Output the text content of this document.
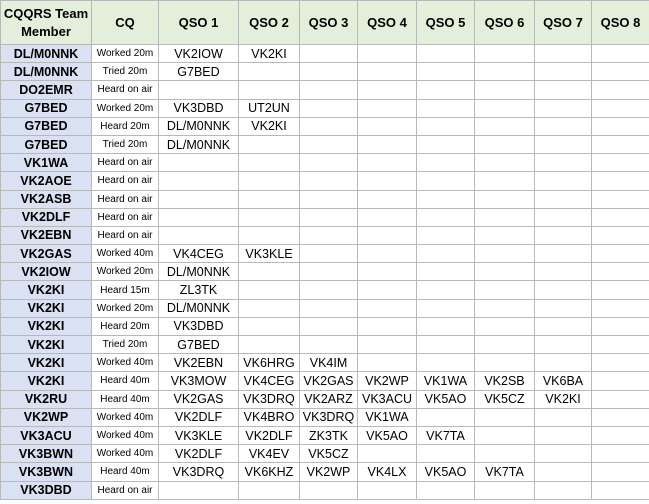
CQQRS Team Member	CQ	QSO 1	QSO 2	QSO 3	QSO 4	QSO 5	QSO 6	QSO 7	QSO 8

DL/M0NNK	Worked 20m	VK2IOW	VK2KI						
DL/M0NNK	Tried 20m	G7BED							
DO2EMR	Heard on air								
G7BED	Worked 20m	VK3DBD	UT2UN						
G7BED	Heard 20m	DL/M0NNK	VK2KI						
G7BED	Tried 20m	DL/M0NNK							
VK1WA	Heard on air								
VK2AOE	Heard on air								
VK2ASB	Heard on air								
VK2DLF	Heard on air								
VK2EBN	Heard on air								
VK2GAS	Worked 40m	VK4CEG	VK3KLE						
VK2IOW	Worked 20m	DL/M0NNK							
VK2KI	Heard 15m	ZL3TK							
VK2KI	Worked 20m	DL/M0NNK							
VK2KI	Heard 20m	VK3DBD							
VK2KI	Tried 20m	G7BED							
VK2KI	Worked 40m	VK2EBN	VK6HRG	VK4IM					
VK2KI	Heard 40m	VK3MOW	VK4CEG	VK2GAS	VK2WP	VK1WA	VK2SB	VK6BA	
VK2RU	Heard 40m	VK2GAS	VK3DRQ	VK2ARZ	VK3ACU	VK5AO	VK5CZ	VK2KI	
VK2WP	Worked 40m	VK2DLF	VK4BRO	VK3DRQ	VK1WA				
VK3ACU	Worked 40m	VK3KLE	VK2DLF	ZK3TK	VK5AO	VK7TA			
VK3BWN	Worked 40m	VK2DLF	VK4EV	VK5CZ					
VK3BWN	Heard 40m	VK3DRQ	VK6KHZ	VK2WP	VK4LX	VK5AO	VK7TA		
VK3DBD	Heard on air								
